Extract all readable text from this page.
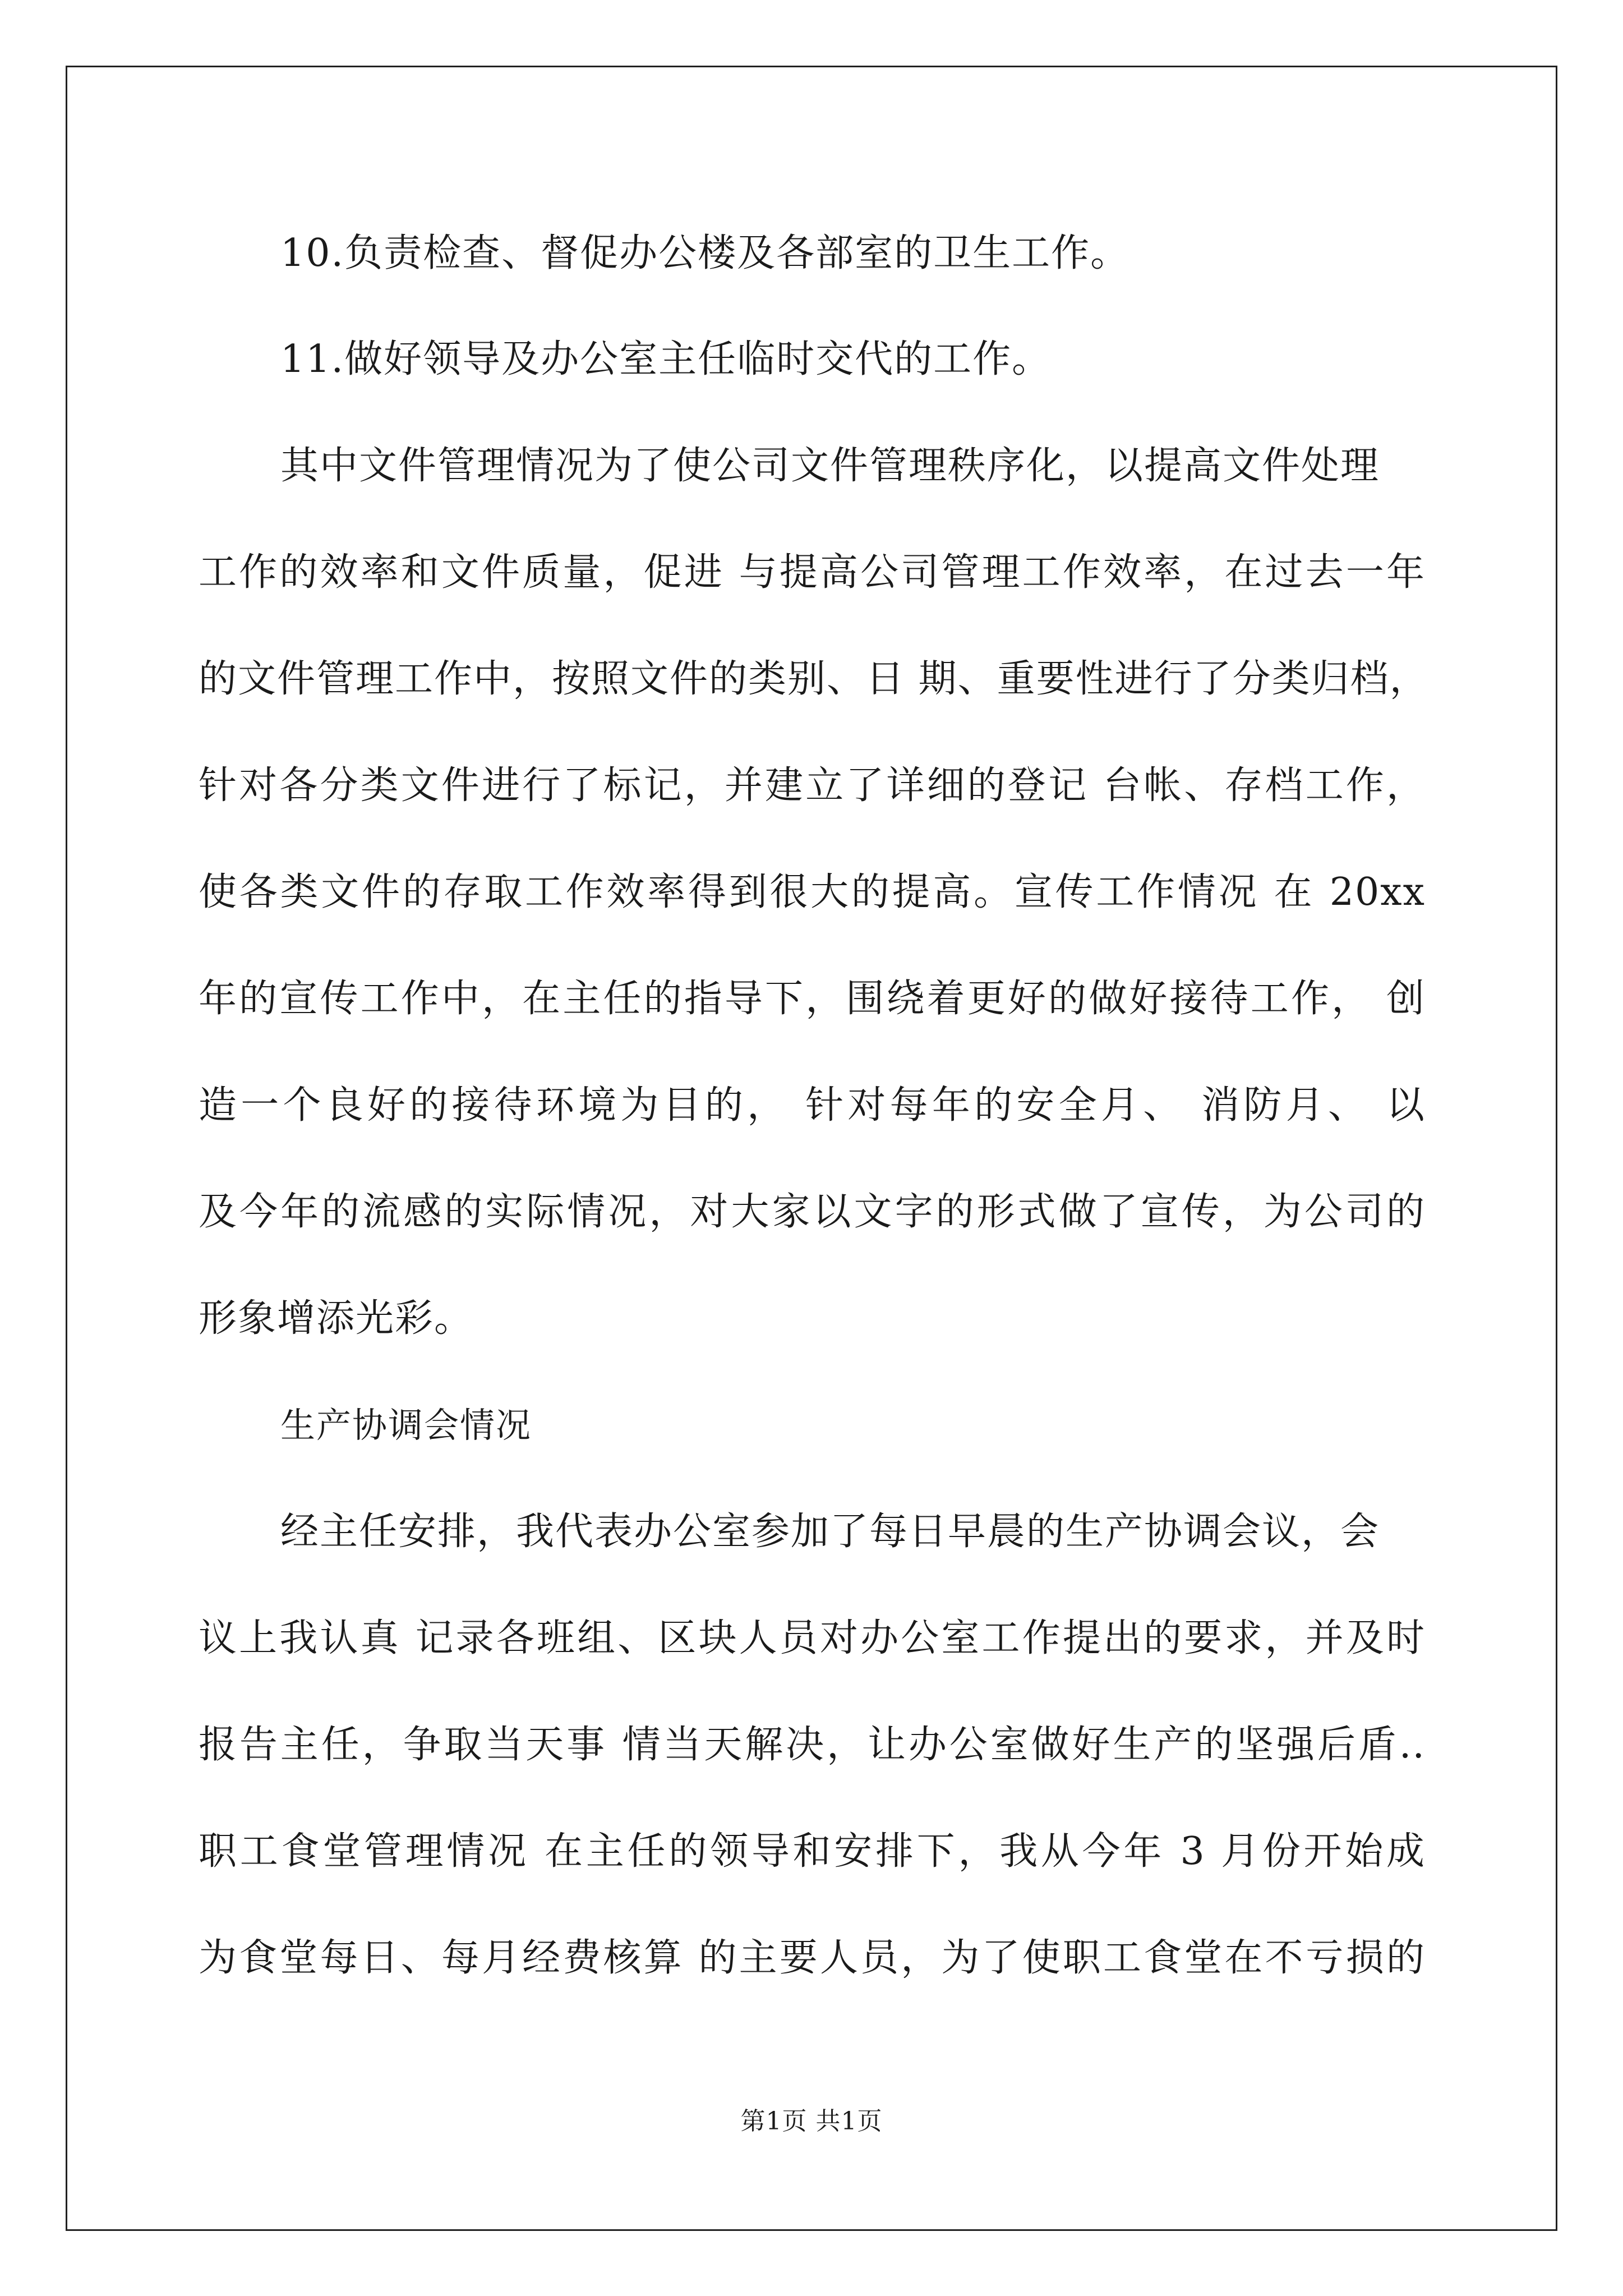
10.负责检查、督促办公楼及各部室的卫生工作。
11.做好领导及办公室主任临时交代的工作。
其中文件管理情况为了使公司文件管理秩序化，以提高文件处理
工作的效率和文件质量，促进 与提高公司管理工作效率，在过去一年
的文件管理工作中，按照文件的类别、日 期、重要性进行了分类归档，
针对各分类文件进行了标记，并建立了详细的登记 台帐、存档工作，
使各类文件的存取工作效率得到很大的提高。宣传工作情况 在 20xx
年的宣传工作中，在主任的指导下，围绕着更好的做好接待工作， 创
造一个良好的接待环境为目的， 针对每年的安全月、 消防月、 以
及今年的流感的实际情况，对大家以文字的形式做了宣传，为公司的
形象增添光彩。
生产协调会情况
经主任安排，我代表办公室参加了每日早晨的生产协调会议，会
议上我认真 记录各班组、区块人员对办公室工作提出的要求，并及时
报告主任，争取当天事 情当天解决，让办公室做好生产的坚强后盾..
职工食堂管理情况 在主任的领导和安排下，我从今年 3 月份开始成
为食堂每日、每月经费核算 的主要人员，为了使职工食堂在不亏损的
第1页 共1页
